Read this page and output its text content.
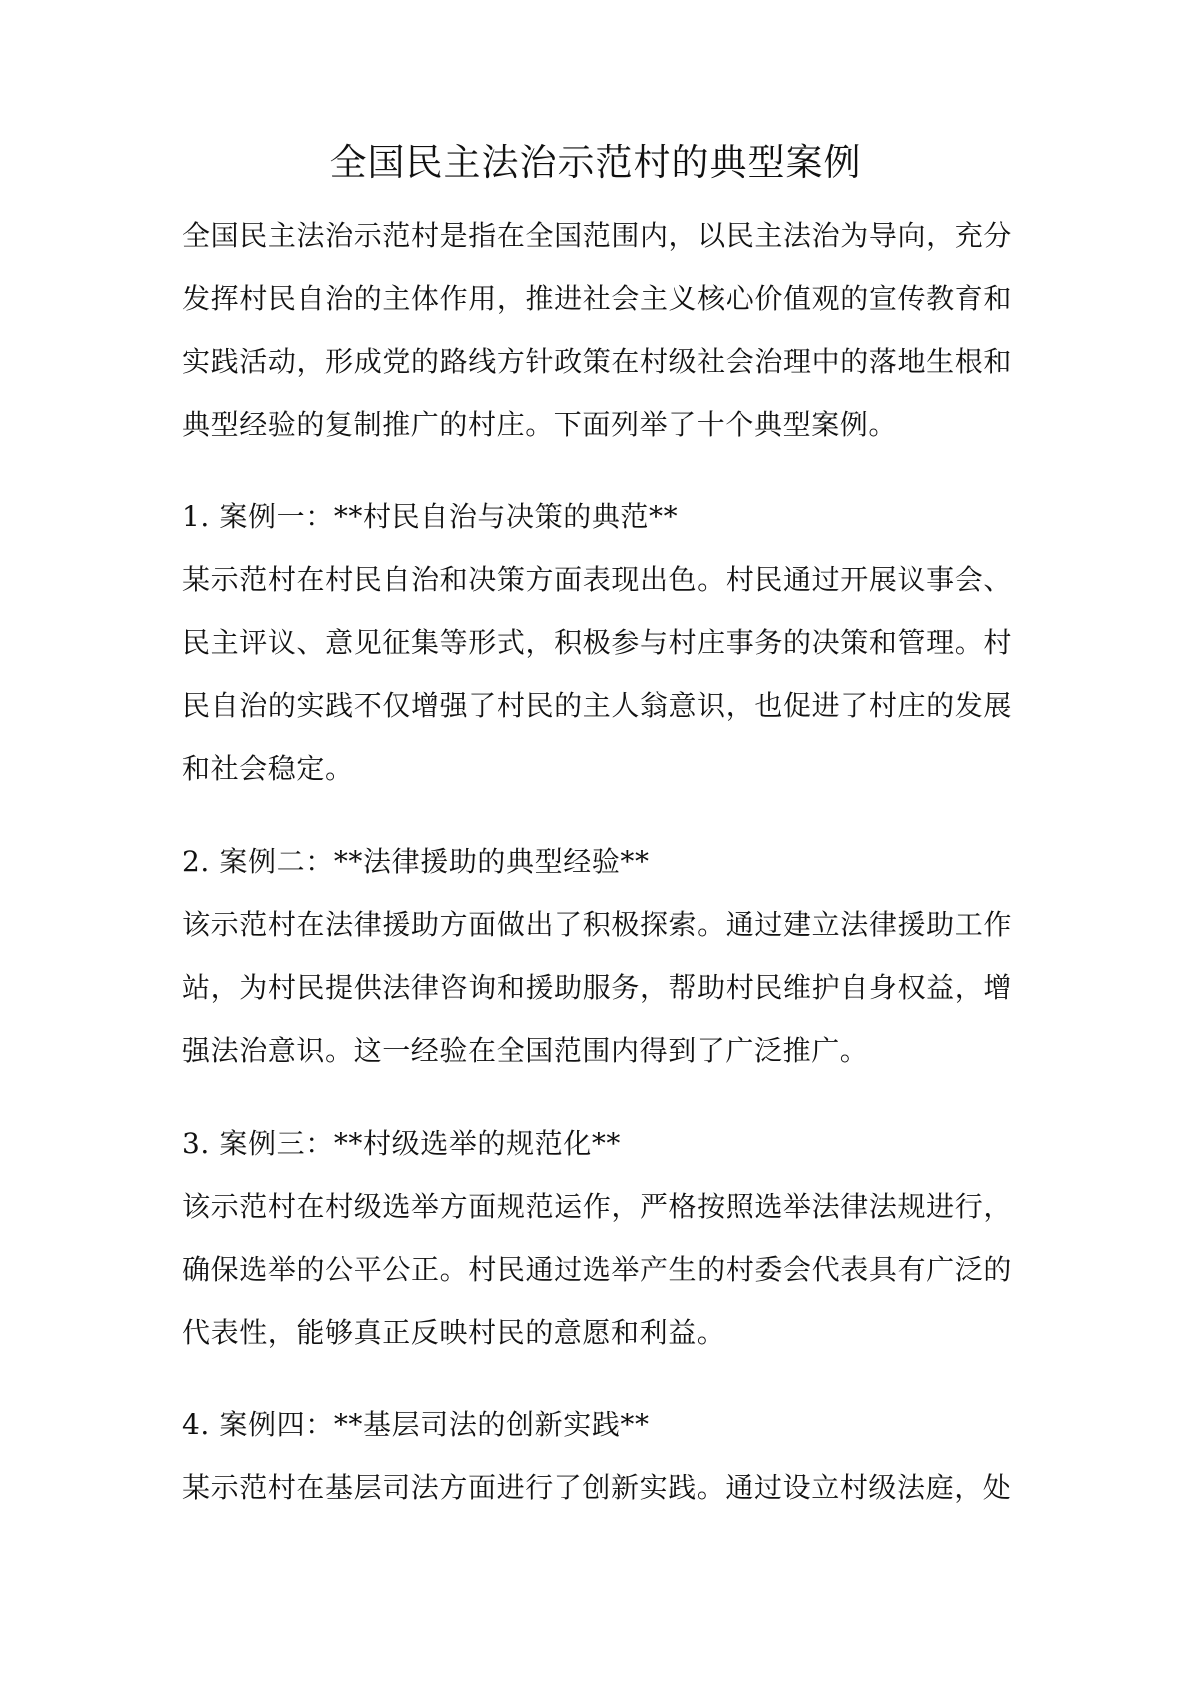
全国民主法治示范村的典型案例

全国民主法治示范村是指在全国范围内，以民主法治为导向，充分发挥村民自治的主体作用，推进社会主义核心价值观的宣传教育和实践活动，形成党的路线方针政策在村级社会治理中的落地生根和典型经验的复制推广的村庄。下面列举了十个典型案例。

1. 案例一：**村民自治与决策的典范**

某示范村在村民自治和决策方面表现出色。村民通过开展议事会、民主评议、意见征集等形式，积极参与村庄事务的决策和管理。村民自治的实践不仅增强了村民的主人翁意识，也促进了村庄的发展和社会稳定。

2. 案例二：**法律援助的典型经验**

该示范村在法律援助方面做出了积极探索。通过建立法律援助工作站，为村民提供法律咨询和援助服务，帮助村民维护自身权益，增强法治意识。这一经验在全国范围内得到了广泛推广。

3. 案例三：**村级选举的规范化**

该示范村在村级选举方面规范运作，严格按照选举法律法规进行，确保选举的公平公正。村民通过选举产生的村委会代表具有广泛的代表性，能够真正反映村民的意愿和利益。

4. 案例四：**基层司法的创新实践**

某示范村在基层司法方面进行了创新实践。通过设立村级法庭，处
